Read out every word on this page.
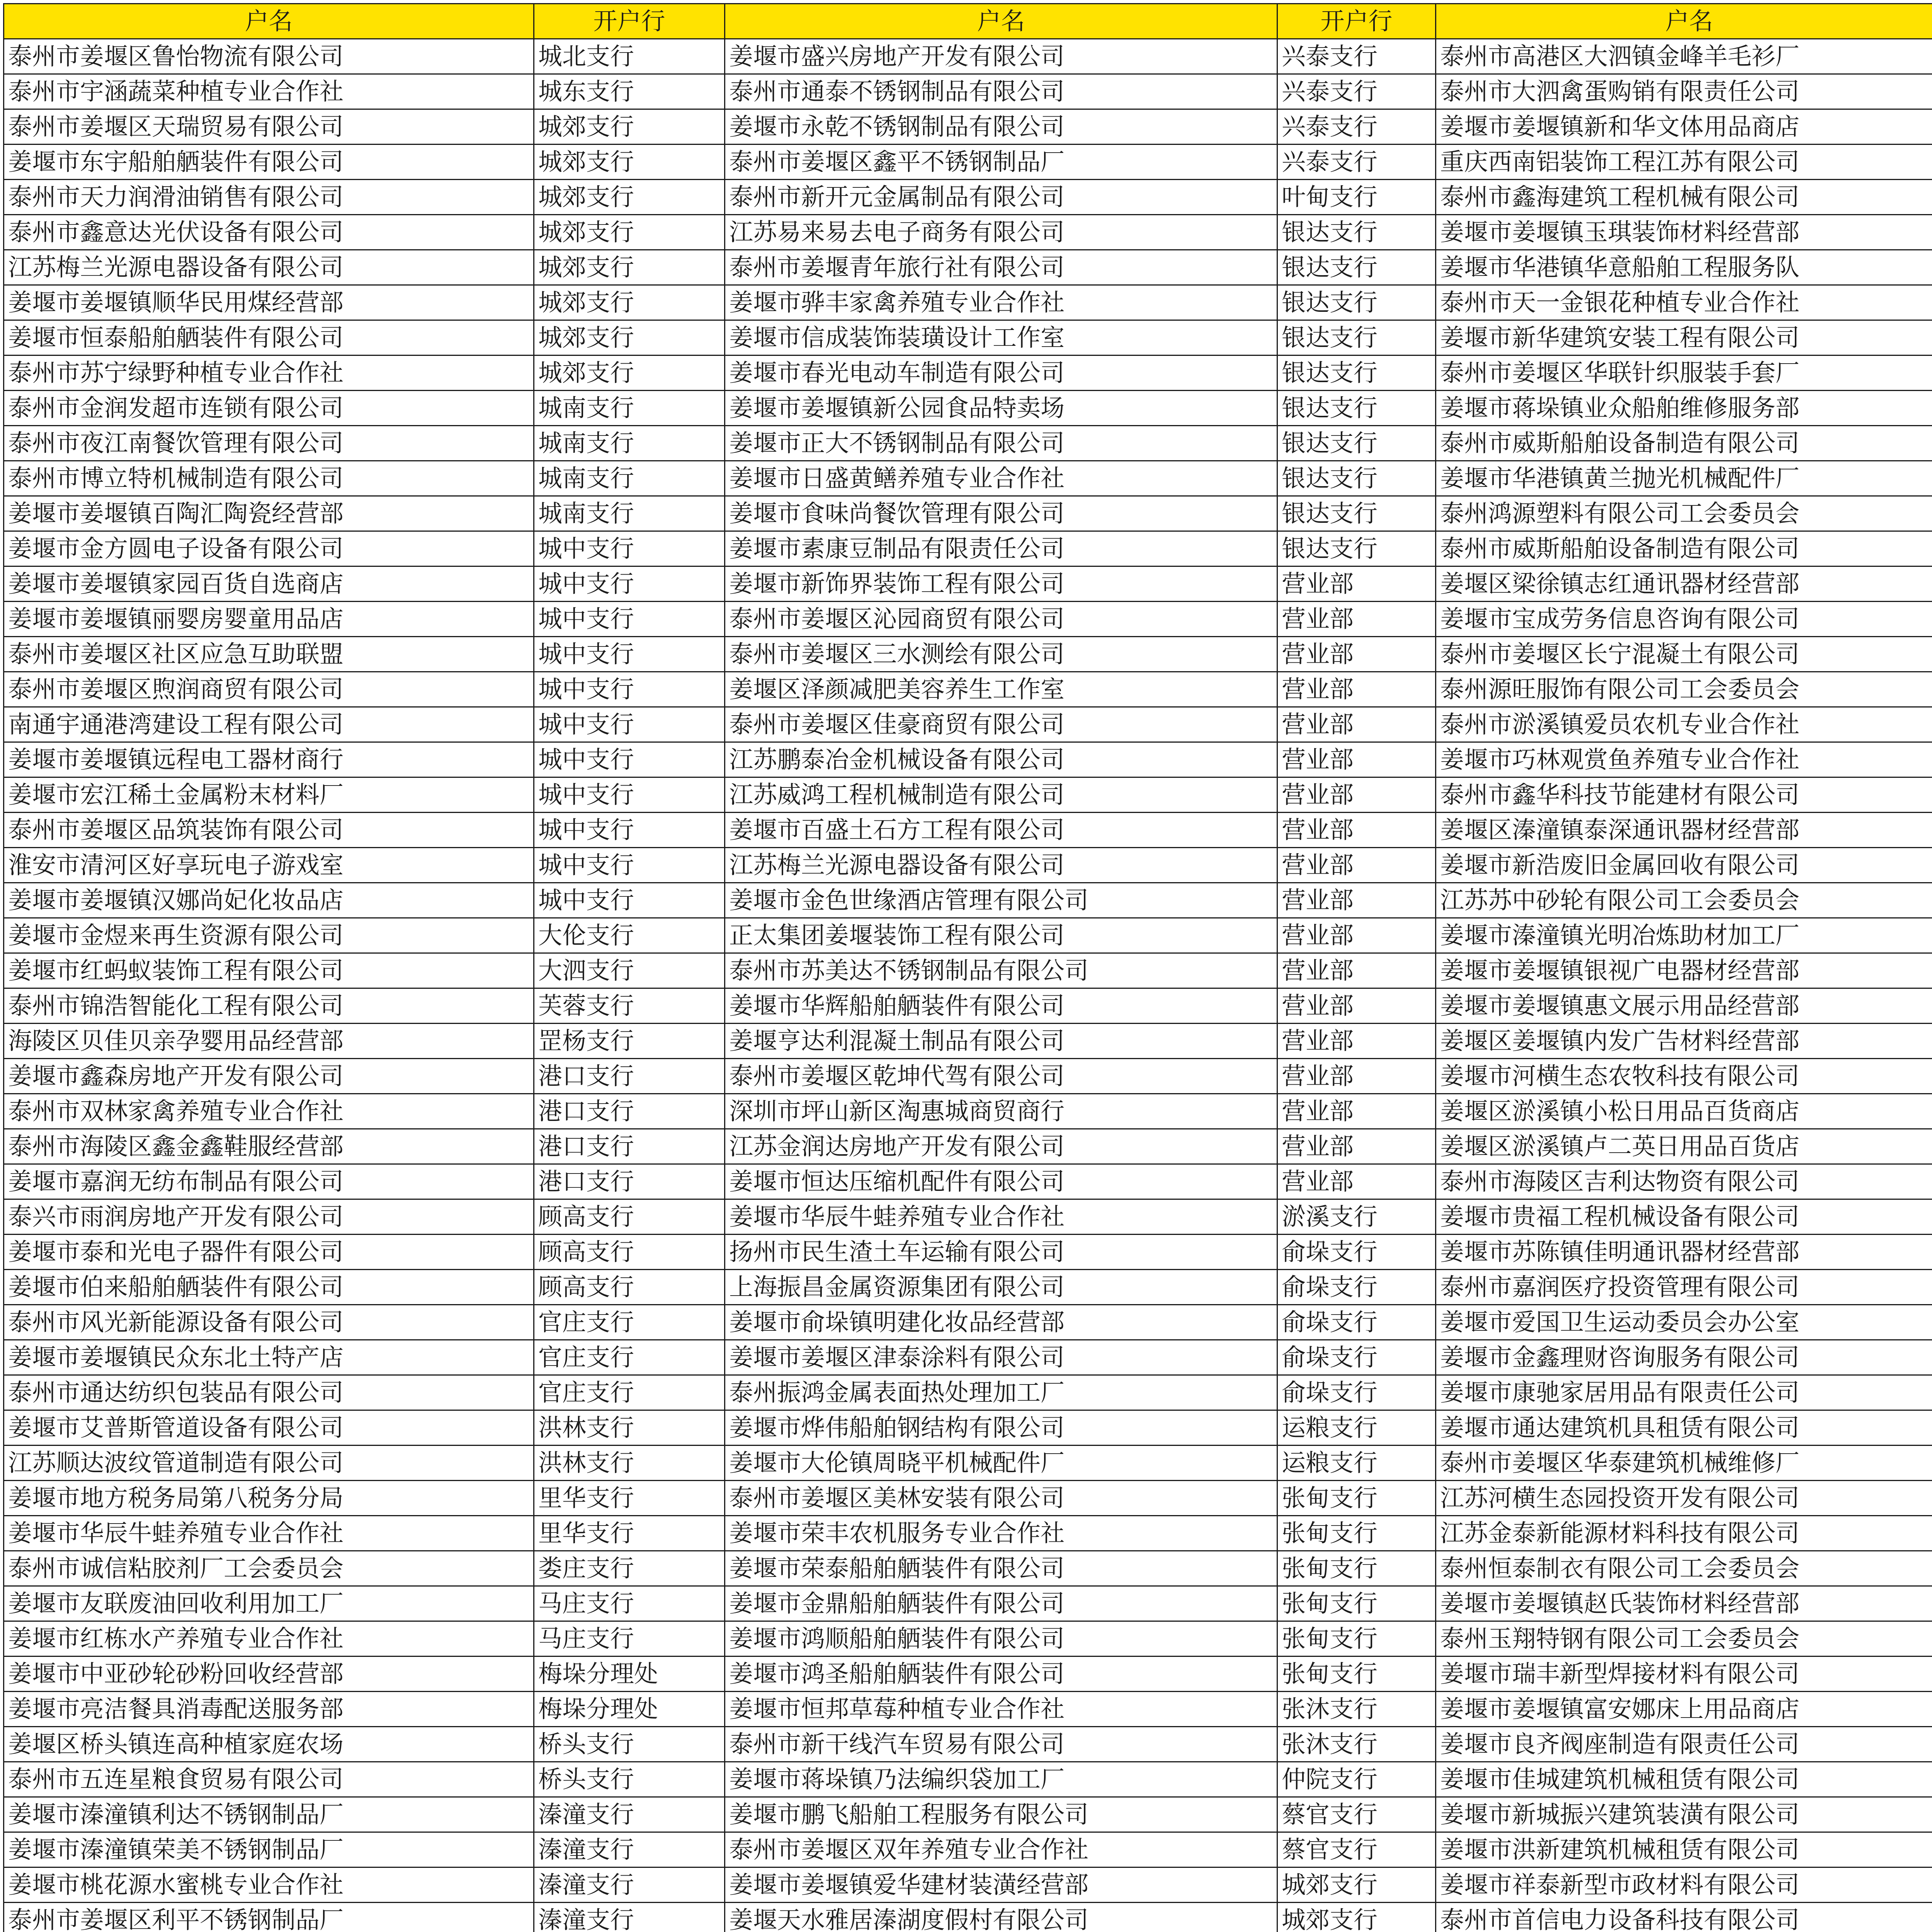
户名	开户行	户名	开户行	户名	
泰州市姜堰区鲁怡物流有限公司	城北支行	姜堰市盛兴房地产开发有限公司	兴泰支行	泰州市高港区大泗镇金峰羊毛衫厂	
泰州市宇涵蔬菜种植专业合作社	城东支行	泰州市通泰不锈钢制品有限公司	兴泰支行	泰州市大泗禽蛋购销有限责任公司	
泰州市姜堰区天瑞贸易有限公司	城郊支行	姜堰市永乾不锈钢制品有限公司	兴泰支行	姜堰市姜堰镇新和华文体用品商店	
姜堰市东宇船舶舾装件有限公司	城郊支行	泰州市姜堰区鑫平不锈钢制品厂	兴泰支行	重庆西南铝装饰工程江苏有限公司	
泰州市天力润滑油销售有限公司	城郊支行	泰州市新开元金属制品有限公司	叶甸支行	泰州市鑫海建筑工程机械有限公司	
泰州市鑫意达光伏设备有限公司	城郊支行	江苏易来易去电子商务有限公司	银达支行	姜堰市姜堰镇玉琪装饰材料经营部	
江苏梅兰光源电器设备有限公司	城郊支行	泰州市姜堰青年旅行社有限公司	银达支行	姜堰市华港镇华意船舶工程服务队	
姜堰市姜堰镇顺华民用煤经营部	城郊支行	姜堰市骅丰家禽养殖专业合作社	银达支行	泰州市天一金银花种植专业合作社	
姜堰市恒泰船舶舾装件有限公司	城郊支行	姜堰市信成装饰装璜设计工作室	银达支行	姜堰市新华建筑安装工程有限公司	
泰州市苏宁绿野种植专业合作社	城郊支行	姜堰市春光电动车制造有限公司	银达支行	泰州市姜堰区华联针织服装手套厂	
泰州市金润发超市连锁有限公司	城南支行	姜堰市姜堰镇新公园食品特卖场	银达支行	姜堰市蒋垛镇业众船舶维修服务部	
泰州市夜江南餐饮管理有限公司	城南支行	姜堰市正大不锈钢制品有限公司	银达支行	泰州市威斯船舶设备制造有限公司	
泰州市博立特机械制造有限公司	城南支行	姜堰市日盛黄鳝养殖专业合作社	银达支行	姜堰市华港镇黄兰抛光机械配件厂	
姜堰市姜堰镇百陶汇陶瓷经营部	城南支行	姜堰市食味尚餐饮管理有限公司	银达支行	泰州鸿源塑料有限公司工会委员会	
姜堰市金方圆电子设备有限公司	城中支行	姜堰市素康豆制品有限责任公司	银达支行	泰州市威斯船舶设备制造有限公司	
姜堰市姜堰镇家园百货自选商店	城中支行	姜堰市新饰界装饰工程有限公司	营业部	姜堰区梁徐镇志红通讯器材经营部	
姜堰市姜堰镇丽婴房婴童用品店	城中支行	泰州市姜堰区沁园商贸有限公司	营业部	姜堰市宝成劳务信息咨询有限公司	
泰州市姜堰区社区应急互助联盟	城中支行	泰州市姜堰区三水测绘有限公司	营业部	泰州市姜堰区长宁混凝土有限公司	
泰州市姜堰区煦润商贸有限公司	城中支行	姜堰区泽颜减肥美容养生工作室	营业部	泰州源旺服饰有限公司工会委员会	
南通宇通港湾建设工程有限公司	城中支行	泰州市姜堰区佳豪商贸有限公司	营业部	泰州市淤溪镇爱员农机专业合作社	
姜堰市姜堰镇远程电工器材商行	城中支行	江苏鹏泰冶金机械设备有限公司	营业部	姜堰市巧林观赏鱼养殖专业合作社	
姜堰市宏江稀土金属粉末材料厂	城中支行	江苏威鸿工程机械制造有限公司	营业部	泰州市鑫华科技节能建材有限公司	
泰州市姜堰区品筑装饰有限公司	城中支行	姜堰市百盛土石方工程有限公司	营业部	姜堰区溱潼镇泰深通讯器材经营部	
淮安市清河区好享玩电子游戏室	城中支行	江苏梅兰光源电器设备有限公司	营业部	姜堰市新浩废旧金属回收有限公司	
姜堰市姜堰镇汉娜尚妃化妆品店	城中支行	姜堰市金色世缘酒店管理有限公司	营业部	江苏苏中砂轮有限公司工会委员会	
姜堰市金煜来再生资源有限公司	大伦支行	正太集团姜堰装饰工程有限公司	营业部	姜堰市溱潼镇光明冶炼助材加工厂	
姜堰市红蚂蚁装饰工程有限公司	大泗支行	泰州市苏美达不锈钢制品有限公司	营业部	姜堰市姜堰镇银视广电器材经营部	
泰州市锦浩智能化工程有限公司	芙蓉支行	姜堰市华辉船舶舾装件有限公司	营业部	姜堰市姜堰镇惠文展示用品经营部	
海陵区贝佳贝亲孕婴用品经营部	罡杨支行	姜堰亨达利混凝土制品有限公司	营业部	姜堰区姜堰镇内发广告材料经营部	
姜堰市鑫森房地产开发有限公司	港口支行	泰州市姜堰区乾坤代驾有限公司	营业部	姜堰市河横生态农牧科技有限公司	
泰州市双林家禽养殖专业合作社	港口支行	深圳市坪山新区淘惠城商贸商行	营业部	姜堰区淤溪镇小松日用品百货商店	
泰州市海陵区鑫金鑫鞋服经营部	港口支行	江苏金润达房地产开发有限公司	营业部	姜堰区淤溪镇卢二英日用品百货店	
姜堰市嘉润无纺布制品有限公司	港口支行	姜堰市恒达压缩机配件有限公司	营业部	泰州市海陵区吉利达物资有限公司	
泰兴市雨润房地产开发有限公司	顾高支行	姜堰市华辰牛蛙养殖专业合作社	淤溪支行	姜堰市贵福工程机械设备有限公司	
姜堰市泰和光电子器件有限公司	顾高支行	扬州市民生渣土车运输有限公司	俞垛支行	姜堰市苏陈镇佳明通讯器材经营部	
姜堰市伯来船舶舾装件有限公司	顾高支行	上海振昌金属资源集团有限公司	俞垛支行	泰州市嘉润医疗投资管理有限公司	
泰州市风光新能源设备有限公司	官庄支行	姜堰市俞垛镇明建化妆品经营部	俞垛支行	姜堰市爱国卫生运动委员会办公室	
姜堰市姜堰镇民众东北土特产店	官庄支行	姜堰市姜堰区津泰涂料有限公司	俞垛支行	姜堰市金鑫理财咨询服务有限公司	
泰州市通达纺织包装品有限公司	官庄支行	泰州振鸿金属表面热处理加工厂	俞垛支行	姜堰市康驰家居用品有限责任公司	
姜堰市艾普斯管道设备有限公司	洪林支行	姜堰市烨伟船舶钢结构有限公司	运粮支行	姜堰市通达建筑机具租赁有限公司	
江苏顺达波纹管道制造有限公司	洪林支行	姜堰市大伦镇周晓平机械配件厂	运粮支行	泰州市姜堰区华泰建筑机械维修厂	
姜堰市地方税务局第八税务分局	里华支行	泰州市姜堰区美林安装有限公司	张甸支行	江苏河横生态园投资开发有限公司	
姜堰市华辰牛蛙养殖专业合作社	里华支行	姜堰市荣丰农机服务专业合作社	张甸支行	江苏金泰新能源材料科技有限公司	
泰州市诚信粘胶剂厂工会委员会	娄庄支行	姜堰市荣泰船舶舾装件有限公司	张甸支行	泰州恒泰制衣有限公司工会委员会	
姜堰市友联废油回收利用加工厂	马庄支行	姜堰市金鼎船舶舾装件有限公司	张甸支行	姜堰市姜堰镇赵氏装饰材料经营部	
姜堰市红栋水产养殖专业合作社	马庄支行	姜堰市鸿顺船舶舾装件有限公司	张甸支行	泰州玉翔特钢有限公司工会委员会	
姜堰市中亚砂轮砂粉回收经营部	梅垛分理处	姜堰市鸿圣船舶舾装件有限公司	张甸支行	姜堰市瑞丰新型焊接材料有限公司	
姜堰市亮洁餐具消毒配送服务部	梅垛分理处	姜堰市恒邦草莓种植专业合作社	张沐支行	姜堰市姜堰镇富安娜床上用品商店	
姜堰区桥头镇连高种植家庭农场	桥头支行	泰州市新干线汽车贸易有限公司	张沐支行	姜堰市良齐阀座制造有限责任公司	
泰州市五连星粮食贸易有限公司	桥头支行	姜堰市蒋垛镇乃法编织袋加工厂	仲院支行	姜堰市佳城建筑机械租赁有限公司	
姜堰市溱潼镇利达不锈钢制品厂	溱潼支行	姜堰市鹏飞船舶工程服务有限公司	蔡官支行	姜堰市新城振兴建筑装潢有限公司	
姜堰市溱潼镇荣美不锈钢制品厂	溱潼支行	泰州市姜堰区双年养殖专业合作社	蔡官支行	姜堰市洪新建筑机械租赁有限公司	
姜堰市桃花源水蜜桃专业合作社	溱潼支行	姜堰市姜堰镇爱华建材装潢经营部	城郊支行	姜堰市祥泰新型市政材料有限公司	
泰州市姜堰区利平不锈钢制品厂	溱潼支行	姜堰天水雅居溱湖度假村有限公司	城郊支行	泰州市首信电力设备科技有限公司	
